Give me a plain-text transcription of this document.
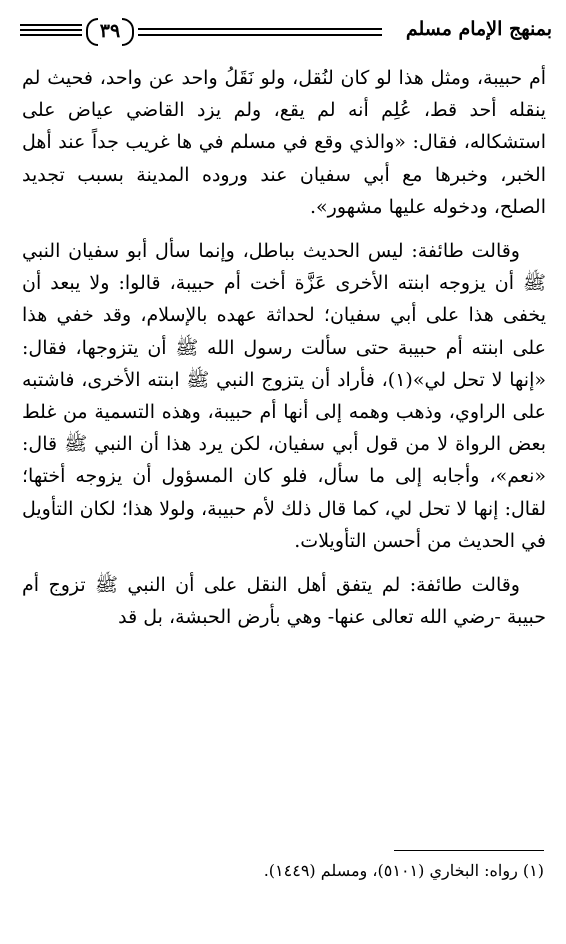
بمنهج الإمام مسلم
٣٩

أم حبيبة، ومثل هذا لو كان لنُقل، ولو نَقَلُ واحد عن واحد، فحيث لم ينقله أحد قط، عُلِم أنه لم يقع، ولم يزد القاضي عياض على استشكاله، فقال: «والذي وقع في مسلم في ها غريب جداً عند أهل الخبر، وخبرها مع أبي سفيان عند وروده المدينة بسبب تجديد الصلح، ودخوله عليها مشهور».

وقالت طائفة: ليس الحديث بباطل، وإنما سأل أبو سفيان النبي ﷺ أن يزوجه ابنته الأخرى عَزَّة أخت أم حبيبة، قالوا: ولا يبعد أن يخفى هذا على أبي سفيان؛ لحداثة عهده بالإسلام، وقد خفي هذا على ابنته أم حبيبة حتى سألت رسول الله ﷺ أن يتزوجها، فقال: «إنها لا تحل لي»(١)، فأراد أن يتزوج النبي ﷺ ابنته الأخرى، فاشتبه على الراوي، وذهب وهمه إلى أنها أم حبيبة، وهذه التسمية من غلط بعض الرواة لا من قول أبي سفيان، لكن يرد هذا أن النبي ﷺ قال: «نعم»، وأجابه إلى ما سأل، فلو كان المسؤول أن يزوجه أختها؛ لقال: إنها لا تحل لي، كما قال ذلك لأم حبيبة، ولولا هذا؛ لكان التأويل في الحديث من أحسن التأويلات.

وقالت طائفة: لم يتفق أهل النقل على أن النبي ﷺ تزوج أم حبيبة -رضي الله تعالى عنها- وهي بأرض الحبشة، بل قد

(١) رواه: البخاري (٥١٠١)، ومسلم (١٤٤٩).
